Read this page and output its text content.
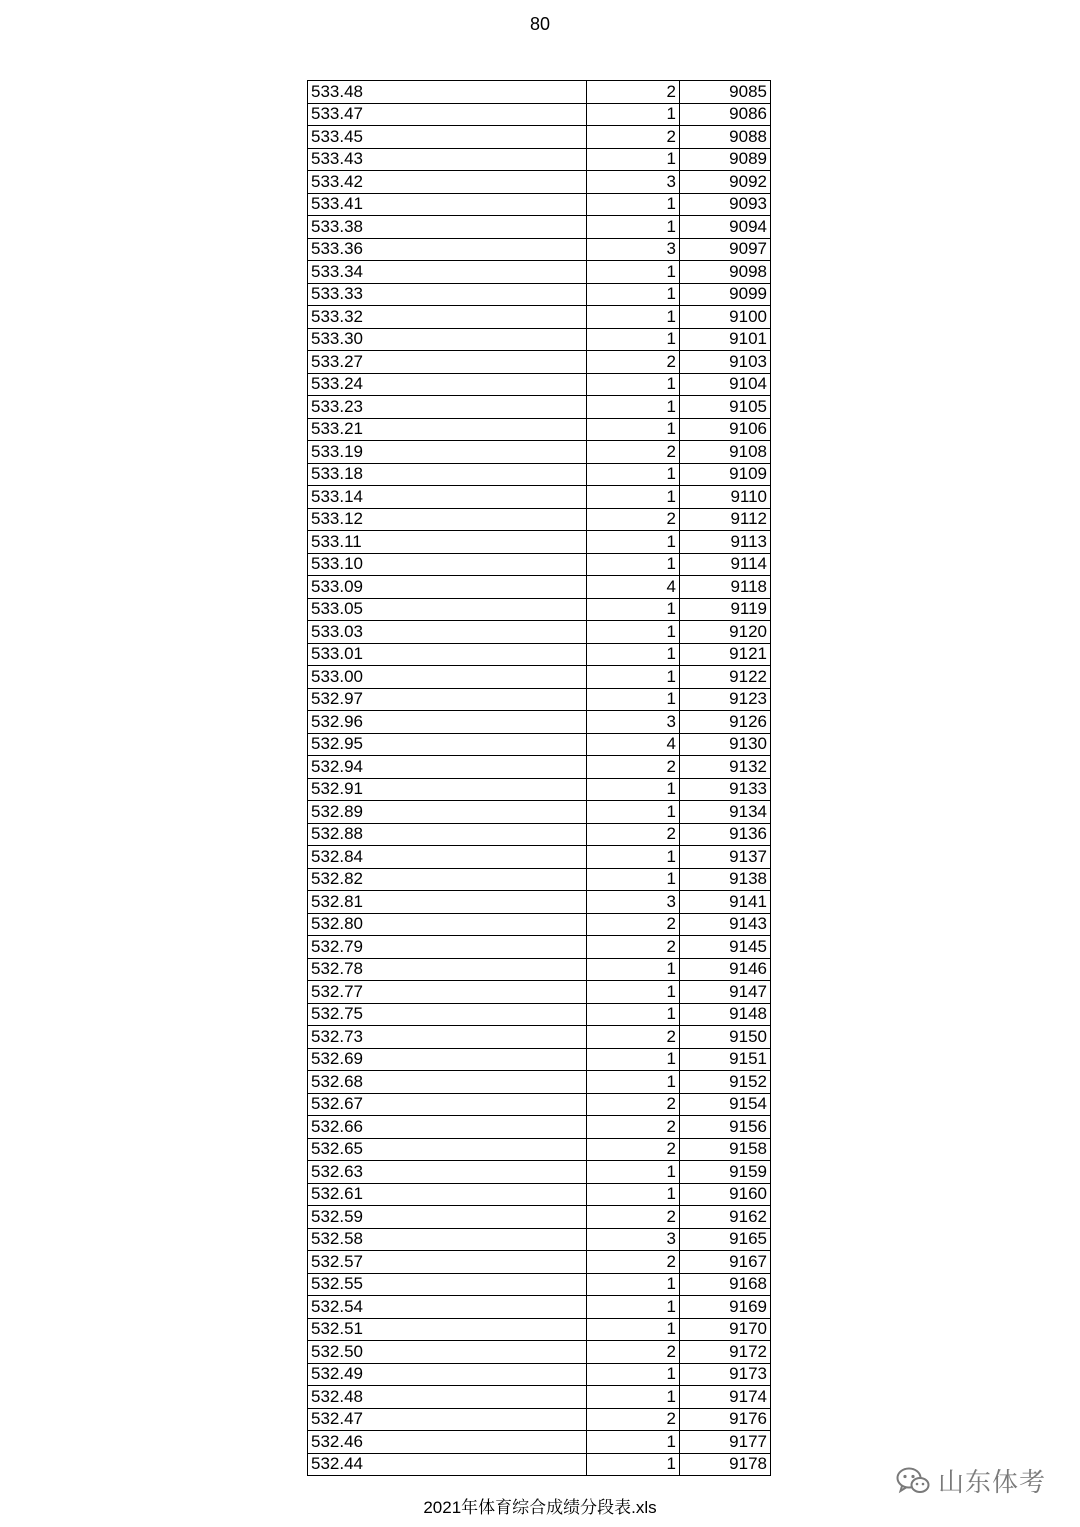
80
533.48	2	9085
533.47	1	9086
533.45	2	9088
533.43	1	9089
533.42	3	9092
533.41	1	9093
533.38	1	9094
533.36	3	9097
533.34	1	9098
533.33	1	9099
533.32	1	9100
533.30	1	9101
533.27	2	9103
533.24	1	9104
533.23	1	9105
533.21	1	9106
533.19	2	9108
533.18	1	9109
533.14	1	9110
533.12	2	9112
533.11	1	9113
533.10	1	9114
533.09	4	9118
533.05	1	9119
533.03	1	9120
533.01	1	9121
533.00	1	9122
532.97	1	9123
532.96	3	9126
532.95	4	9130
532.94	2	9132
532.91	1	9133
532.89	1	9134
532.88	2	9136
532.84	1	9137
532.82	1	9138
532.81	3	9141
532.80	2	9143
532.79	2	9145
532.78	1	9146
532.77	1	9147
532.75	1	9148
532.73	2	9150
532.69	1	9151
532.68	1	9152
532.67	2	9154
532.66	2	9156
532.65	2	9158
532.63	1	9159
532.61	1	9160
532.59	2	9162
532.58	3	9165
532.57	2	9167
532.55	1	9168
532.54	1	9169
532.51	1	9170
532.50	2	9172
532.49	1	9173
532.48	1	9174
532.47	2	9176
532.46	1	9177
532.44	1	9178
2021年体育综合成绩分段表.xls
山东体考
